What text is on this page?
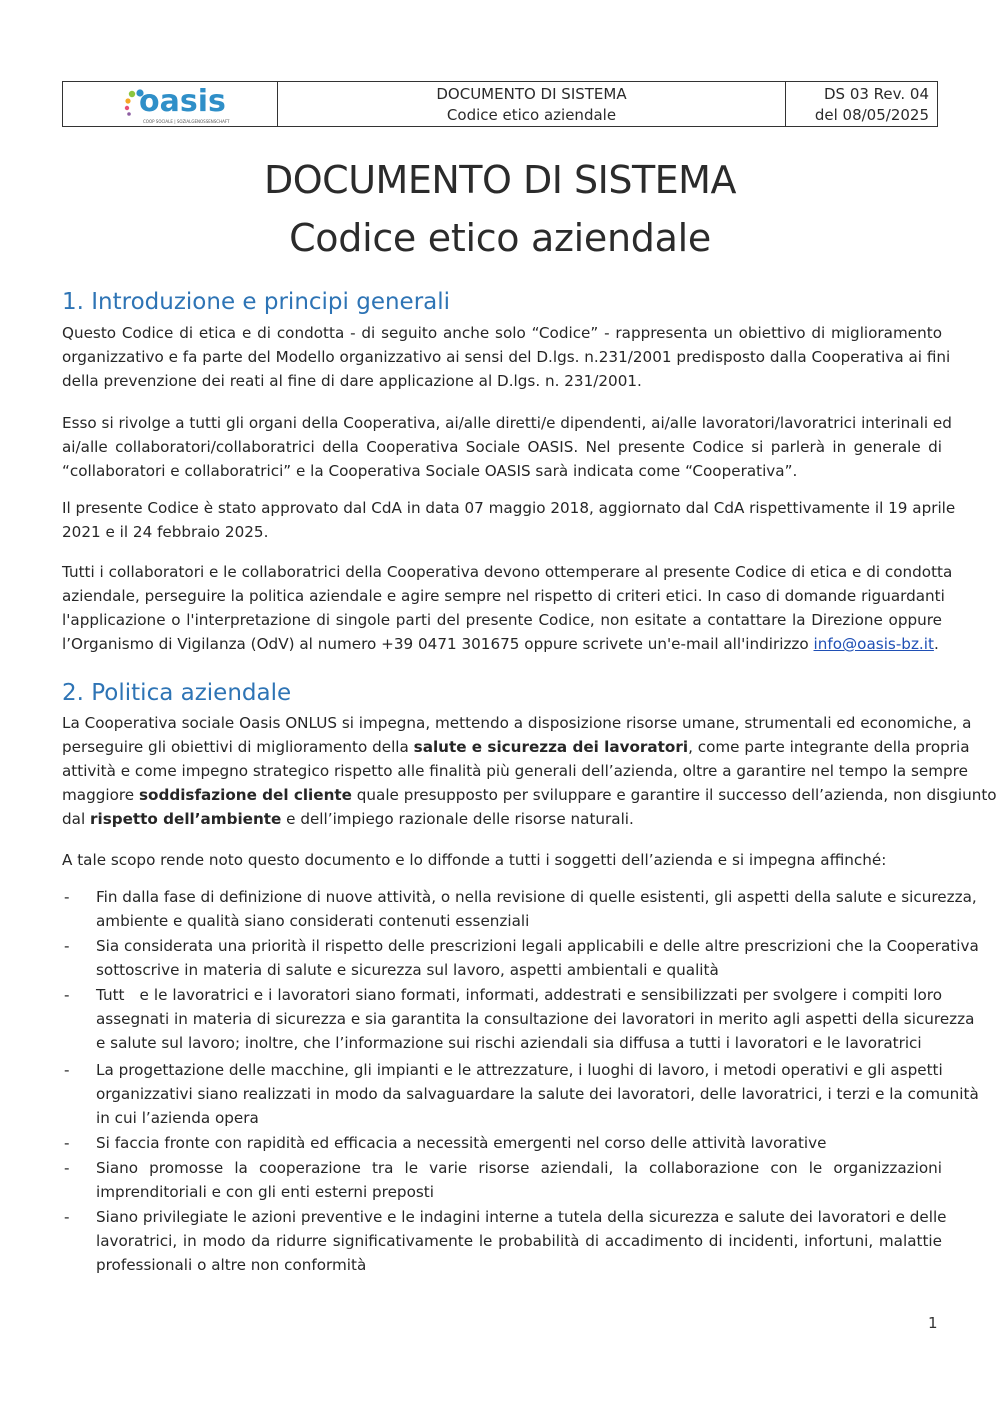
oasis
COOP SOCIALE | SOZIALGENOSSENSCHAFT
DOCUMENTO DI SISTEMA
Codice etico aziendale
DS 03 Rev. 04
del 08/05/2025
DOCUMENTO DI SISTEMA
Codice etico aziendale
1. Introduzione e principi generali
Questo Codice di etica e di condotta - di seguito anche solo “Codice” - rappresenta un obiettivo di miglioramento
organizzativo e fa parte del Modello organizzativo ai sensi del D.lgs. n.231/2001 predisposto dalla Cooperativa ai fini
della prevenzione dei reati al fine di dare applicazione al D.lgs. n. 231/2001.
Esso si rivolge a tutti gli organi della Cooperativa, ai/alle diretti/e dipendenti, ai/alle lavoratori/lavoratrici interinali ed
ai/alle collaboratori/collaboratrici della Cooperativa Sociale OASIS. Nel presente Codice si parlerà in generale di
“collaboratori e collaboratrici” e la Cooperativa Sociale OASIS sarà indicata come “Cooperativa”.
Il presente Codice è stato approvato dal CdA in data 07 maggio 2018, aggiornato dal CdA rispettivamente il 19 aprile
2021 e il 24 febbraio 2025.
Tutti i collaboratori e le collaboratrici della Cooperativa devono ottemperare al presente Codice di etica e di condotta
aziendale, perseguire la politica aziendale e agire sempre nel rispetto di criteri etici. In caso di domande riguardanti
l'applicazione o l'interpretazione di singole parti del presente Codice, non esitate a contattare la Direzione oppure
l’Organismo di Vigilanza (OdV) al numero +39 0471 301675 oppure scrivete un'e-mail all'indirizzo info@oasis-bz.it.
2. Politica aziendale
La Cooperativa sociale Oasis ONLUS si impegna, mettendo a disposizione risorse umane, strumentali ed economiche, a
perseguire gli obiettivi di miglioramento della salute e sicurezza dei lavoratori, come parte integrante della propria
attività e come impegno strategico rispetto alle finalità più generali dell’azienda, oltre a garantire nel tempo la sempre
maggiore soddisfazione del cliente quale presupposto per sviluppare e garantire il successo dell’azienda, non disgiunto
dal rispetto dell’ambiente e dell’impiego razionale delle risorse naturali.
A tale scopo rende noto questo documento e lo diffonde a tutti i soggetti dell’azienda e si impegna affinché:
- Fin dalla fase di definizione di nuove attività, o nella revisione di quelle esistenti, gli aspetti della salute e sicurezza,
ambiente e qualità siano considerati contenuti essenziali
- Sia considerata una priorità il rispetto delle prescrizioni legali applicabili e delle altre prescrizioni che la Cooperativa
sottoscrive in materia di salute e sicurezza sul lavoro, aspetti ambientali e qualità
- Tutt   e le lavoratrici e i lavoratori siano formati, informati, addestrati e sensibilizzati per svolgere i compiti loro
assegnati in materia di sicurezza e sia garantita la consultazione dei lavoratori in merito agli aspetti della sicurezza
e salute sul lavoro; inoltre, che l’informazione sui rischi aziendali sia diffusa a tutti i lavoratori e le lavoratrici
- La progettazione delle macchine, gli impianti e le attrezzature, i luoghi di lavoro, i metodi operativi e gli aspetti
organizzativi siano realizzati in modo da salvaguardare la salute dei lavoratori, delle lavoratrici, i terzi e la comunità
in cui l’azienda opera
- Si faccia fronte con rapidità ed efficacia a necessità emergenti nel corso delle attività lavorative
- Siano promosse la cooperazione tra le varie risorse aziendali, la collaborazione con le organizzazioni
imprenditoriali e con gli enti esterni preposti
- Siano privilegiate le azioni preventive e le indagini interne a tutela della sicurezza e salute dei lavoratori e delle
lavoratrici, in modo da ridurre significativamente le probabilità di accadimento di incidenti, infortuni, malattie
professionali o altre non conformità
1
